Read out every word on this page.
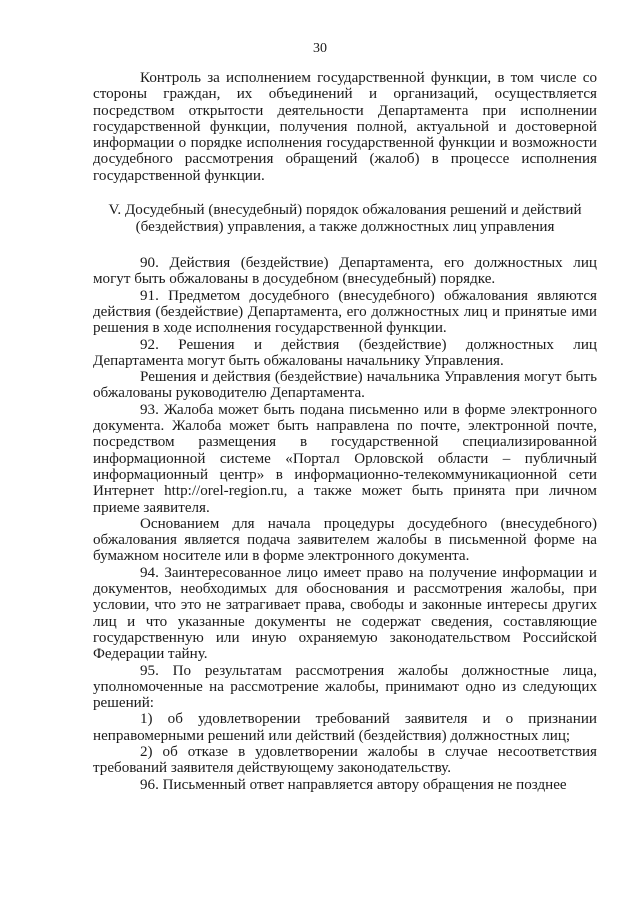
30

Контроль за исполнением государственной функции, в том числе со стороны граждан, их объединений и организаций, осуществляется посредством открытости деятельности Департамента при исполнении государственной функции, получения полной, актуальной и достоверной информации о порядке исполнения государственной функции и возможности досудебного рассмотрения обращений (жалоб) в процессе исполнения государственной функции.

V. Досудебный (внесудебный) порядок обжалования решений и действий (бездействия) управления, а также должностных лиц управления

90. Действия (бездействие) Департамента, его должностных лиц могут быть обжалованы в досудебном (внесудебный) порядке.

91. Предметом досудебного (внесудебного) обжалования являются действия (бездействие) Департамента, его должностных лиц и принятые ими решения в ходе исполнения государственной функции.

92. Решения и действия (бездействие) должностных лиц Департамента могут быть обжалованы начальнику Управления.

Решения и действия (бездействие) начальника Управления могут быть обжалованы руководителю Департамента.

93. Жалоба может быть подана письменно или в форме электронного документа. Жалоба может быть направлена по почте, электронной почте, посредством размещения в государственной специализированной информационной системе «Портал Орловской области – публичный информационный центр» в информационно-телекоммуникационной сети Интернет http://orel-region.ru, а также может быть принята при личном приеме заявителя.

Основанием для начала процедуры досудебного (внесудебного) обжалования является подача заявителем жалобы в письменной форме на бумажном носителе или в форме электронного документа.

94. Заинтересованное лицо имеет право на получение информации и документов, необходимых для обоснования и рассмотрения жалобы, при условии, что это не затрагивает права, свободы и законные интересы других лиц и что указанные документы не содержат сведения, составляющие государственную или иную охраняемую законодательством Российской Федерации тайну.

95. По результатам рассмотрения жалобы должностные лица, уполномоченные на рассмотрение жалобы, принимают одно из следующих решений:

1) об удовлетворении требований заявителя и о признании неправомерными решений или действий (бездействия) должностных лиц;

2) об отказе в удовлетворении жалобы в случае несоответствия требований заявителя действующему законодательству.

96. Письменный ответ направляется автору обращения не позднее
